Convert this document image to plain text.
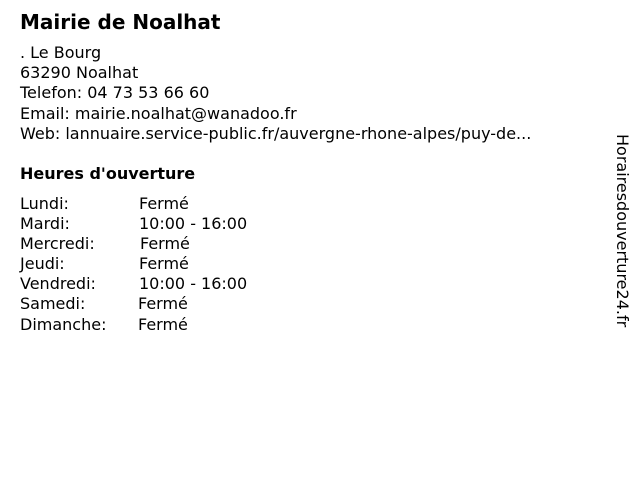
Mairie de Noalhat
. Le Bourg
63290 Noalhat
Telefon: 04 73 53 66 60
Email: mairie.noalhat@wanadoo.fr
Web: lannuaire.service-public.fr/auvergne-rhone-alpes/puy-de...
Heures d'ouverture
Lundi:	Fermé
Mardi:	10:00 - 16:00
Mercredi:	Fermé
Jeudi:	Fermé
Vendredi:	10:00 - 16:00
Samedi:	Fermé
Dimanche: Fermé	Horairesdouverture24.fr
